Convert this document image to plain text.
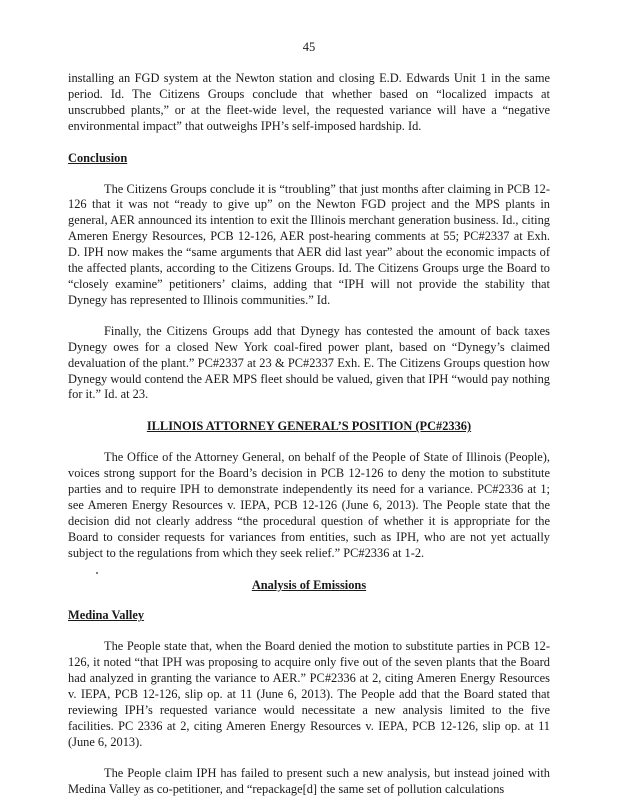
45

installing an FGD system at the Newton station and closing E.D. Edwards Unit 1 in the same period. Id. The Citizens Groups conclude that whether based on “localized impacts at unscrubbed plants,” or at the fleet-wide level, the requested variance will have a “negative environmental impact” that outweighs IPH’s self-imposed hardship. Id.

Conclusion

The Citizens Groups conclude it is “troubling” that just months after claiming in PCB 12-126 that it was not “ready to give up” on the Newton FGD project and the MPS plants in general, AER announced its intention to exit the Illinois merchant generation business. Id., citing Ameren Energy Resources, PCB 12-126, AER post-hearing comments at 55; PC#2337 at Exh. D. IPH now makes the “same arguments that AER did last year” about the economic impacts of the affected plants, according to the Citizens Groups. Id. The Citizens Groups urge the Board to “closely examine” petitioners’ claims, adding that “IPH will not provide the stability that Dynegy has represented to Illinois communities.” Id.

Finally, the Citizens Groups add that Dynegy has contested the amount of back taxes Dynegy owes for a closed New York coal-fired power plant, based on “Dynegy’s claimed devaluation of the plant.” PC#2337 at 23 & PC#2337 Exh. E. The Citizens Groups question how Dynegy would contend the AER MPS fleet should be valued, given that IPH “would pay nothing for it.” Id. at 23.

ILLINOIS ATTORNEY GENERAL’S POSITION (PC#2336)

The Office of the Attorney General, on behalf of the People of State of Illinois (People), voices strong support for the Board’s decision in PCB 12-126 to deny the motion to substitute parties and to require IPH to demonstrate independently its need for a variance. PC#2336 at 1; see Ameren Energy Resources v. IEPA, PCB 12-126 (June 6, 2013). The People state that the decision did not clearly address “the procedural question of whether it is appropriate for the Board to consider requests for variances from entities, such as IPH, who are not yet actually subject to the regulations from which they seek relief.” PC#2336 at 1-2.

Analysis of Emissions

Medina Valley

The People state that, when the Board denied the motion to substitute parties in PCB 12-126, it noted “that IPH was proposing to acquire only five out of the seven plants that the Board had analyzed in granting the variance to AER.” PC#2336 at 2, citing Ameren Energy Resources v. IEPA, PCB 12-126, slip op. at 11 (June 6, 2013). The People add that the Board stated that reviewing IPH’s requested variance would necessitate a new analysis limited to the five facilities. PC 2336 at 2, citing Ameren Energy Resources v. IEPA, PCB 12-126, slip op. at 11 (June 6, 2013).

The People claim IPH has failed to present such a new analysis, but instead joined with Medina Valley as co-petitioner, and “repackage[d] the same set of pollution calculations
